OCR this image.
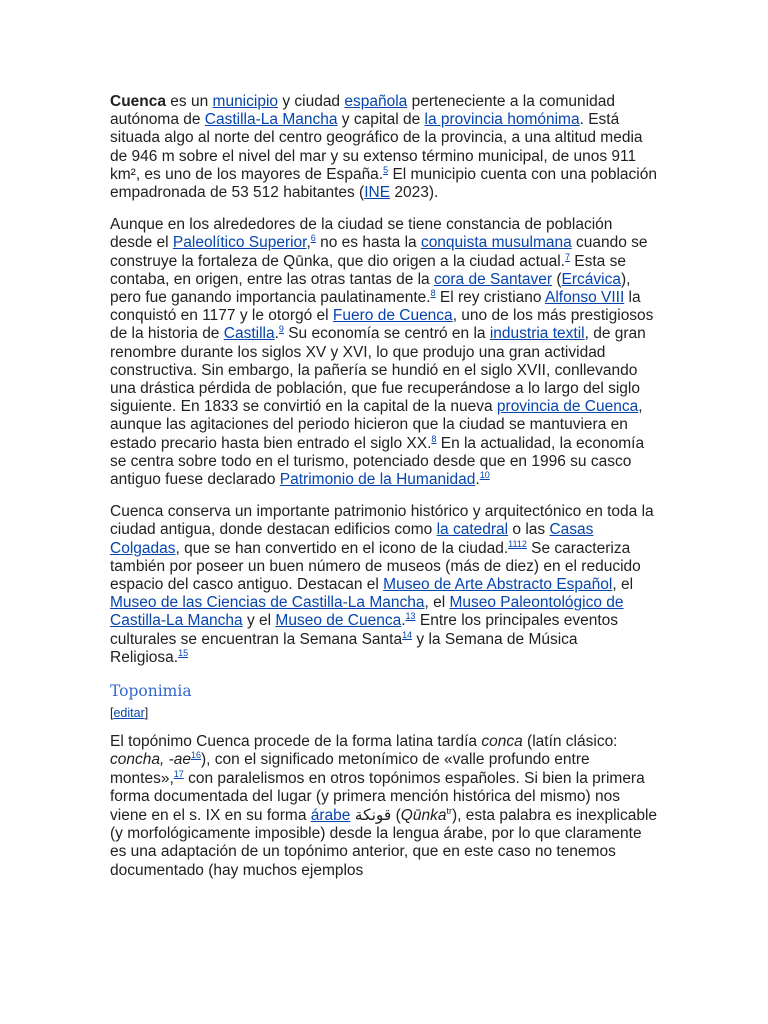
Cuenca es un municipio y ciudad española perteneciente a la comunidad autónoma de Castilla-La Mancha y capital de la provincia homónima. Está situada algo al norte del centro geográfico de la provincia, a una altitud media de 946 m sobre el nivel del mar y su extenso término municipal, de unos 911 km², es uno de los mayores de España.$^5$ El municipio cuenta con una población empadronada de 53 512 habitantes (INE 2023).

Aunque en los alrededores de la ciudad se tiene constancia de población desde el Paleolítico Superior,$^6$ no es hasta la conquista musulmana cuando se construye la fortaleza de Qūnka, que dio origen a la ciudad actual.$^7$ Esta se contaba, en origen, entre las otras tantas de la cora de Santaver (Ercávica), pero fue ganando importancia paulatinamente.$^8$ El rey cristiano Alfonso VIII la conquistó en 1177 y le otorgó el Fuero de Cuenca, uno de los más prestigiosos de la historia de Castilla.$^9$ Su economía se centró en la industria textil, de gran renombre durante los siglos XV y XVI, lo que produjo una gran actividad constructiva. Sin embargo, la pañería se hundió en el siglo XVII, conllevando una drástica pérdida de población, que fue recuperándose a lo largo del siglo siguiente. En 1833 se convirtió en la capital de la nueva provincia de Cuenca, aunque las agitaciones del periodo hicieron que la ciudad se mantuviera en estado precario hasta bien entrado el siglo XX.$^8$ En la actualidad, la economía se centra sobre todo en el turismo, potenciado desde que en 1996 su casco antiguo fuese declarado Patrimonio de la Humanidad.$^{10}$

Cuenca conserva un importante patrimonio histórico y arquitectónico en toda la ciudad antigua, donde destacan edificios como la catedral o las Casas Colgadas, que se han convertido en el icono de la ciudad.$^{1112}$ Se caracteriza también por poseer un buen número de museos (más de diez) en el reducido espacio del casco antiguo. Destacan el Museo de Arte Abstracto Español, el Museo de las Ciencias de Castilla-La Mancha, el Museo Paleontológico de Castilla-La Mancha y el Museo de Cuenca.$^{13}$ Entre los principales eventos culturales se encuentran la Semana Santa$^{14}$ y la Semana de Música Religiosa.$^{15}$

Toponimia
[editar]

El topónimo Cuenca procede de la forma latina tardía conca (latín clásico: concha, -ae$^{16}$), con el significado metonímico de «valle profundo entre montes»,$^{17}$ con paralelismos en otros topónimos españoles. Si bien la primera forma documentada del lugar (y primera mención histórica del mismo) nos viene en el s. IX en su forma árabe قونكة (Qūnka$^{tr}$), esta palabra es inexplicable (y morfológicamente imposible) desde la lengua árabe, por lo que claramente es una adaptación de un topónimo anterior, que en este caso no tenemos documentado (hay muchos ejemplos
